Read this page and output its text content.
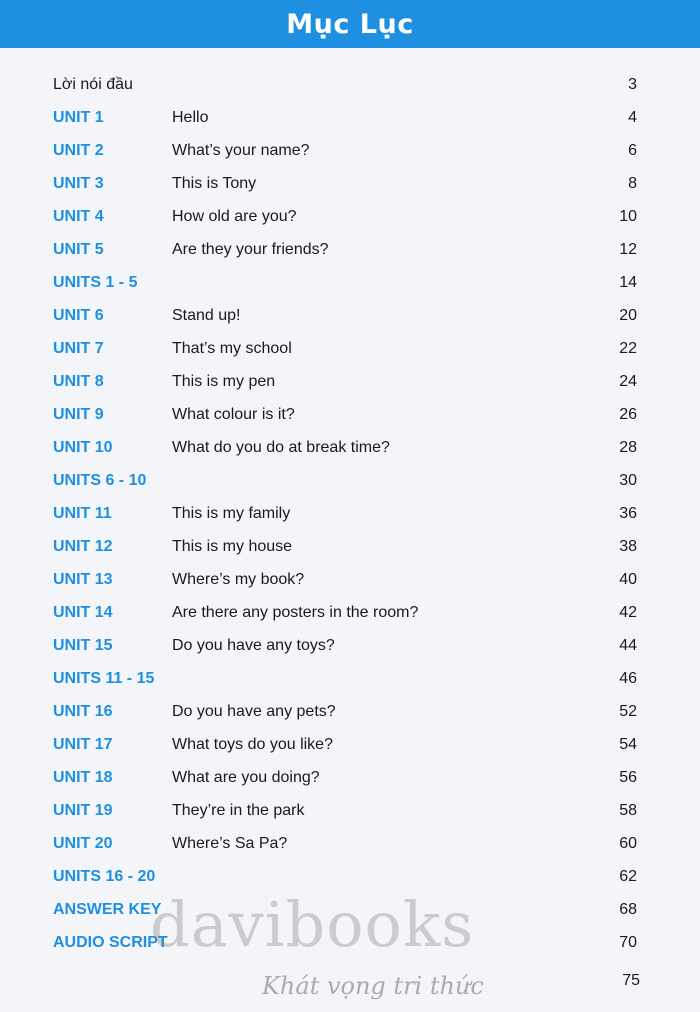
Mục Lục
Lời nói đầu	3
UNIT 1	Hello	4
UNIT 2	What’s your name?	6
UNIT 3	This is Tony	8
UNIT 4	How old are you?	10
UNIT 5	Are they your friends?	12
UNITS 1 - 5	14
UNIT 6	Stand up!	20
UNIT 7	That’s my school	22
UNIT 8	This is my pen	24
UNIT 9	What colour is it?	26
UNIT 10	What do you do at break time?	28
UNITS 6 - 10	30
UNIT 11	This is my family	36
UNIT 12	This is my house	38
UNIT 13	Where’s my book?	40
UNIT 14	Are there any posters in the room?	42
UNIT 15	Do you have any toys?	44
UNITS 11 - 15	46
UNIT 16	Do you have any pets?	52
UNIT 17	What toys do you like?	54
UNIT 18	What are you doing?	56
UNIT 19	They’re in the park	58
UNIT 20	Where’s Sa Pa?	60
UNITS 16 - 20	62
ANSWER KEY	68
AUDIO SCRIPT	70
davibooks
Khát vọng tri thức	75
